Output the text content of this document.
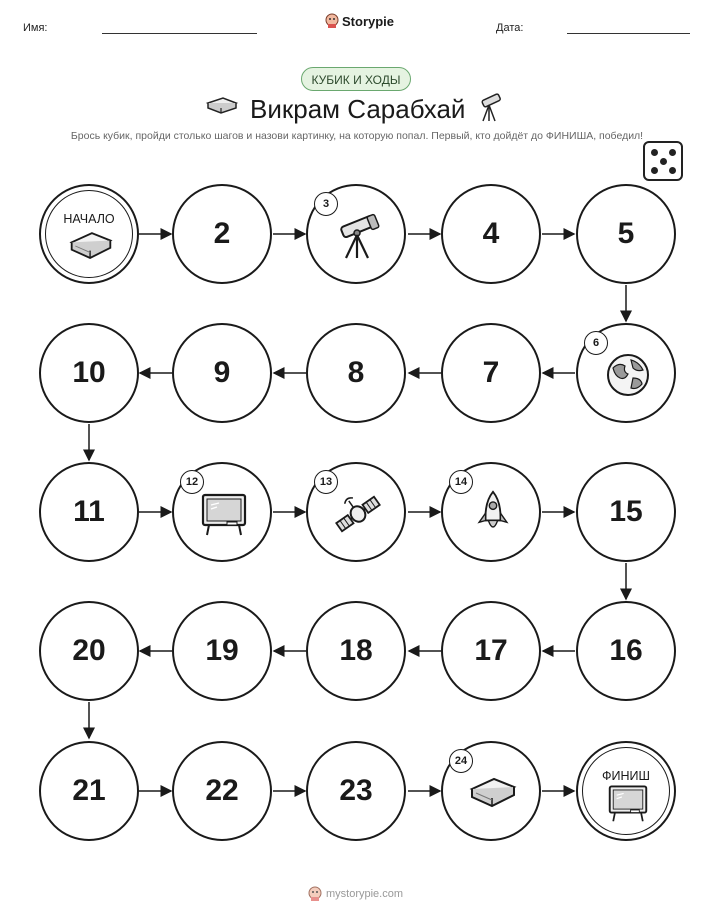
Имя:	Storypie	Дата:
КУБИК И ХОДЫ
Викрам Сарабхай
Брось кубик, пройди столько шагов и назови картинку, на которую попал. Первый, кто дойдёт до ФИНИША, победил!
НАЧАЛО	2
3
4	5
6
7
8
9
10
11
12	13	14
15
16
17
18
19
20
21	22	23
24
ФИНИШ
mystorypie.com
